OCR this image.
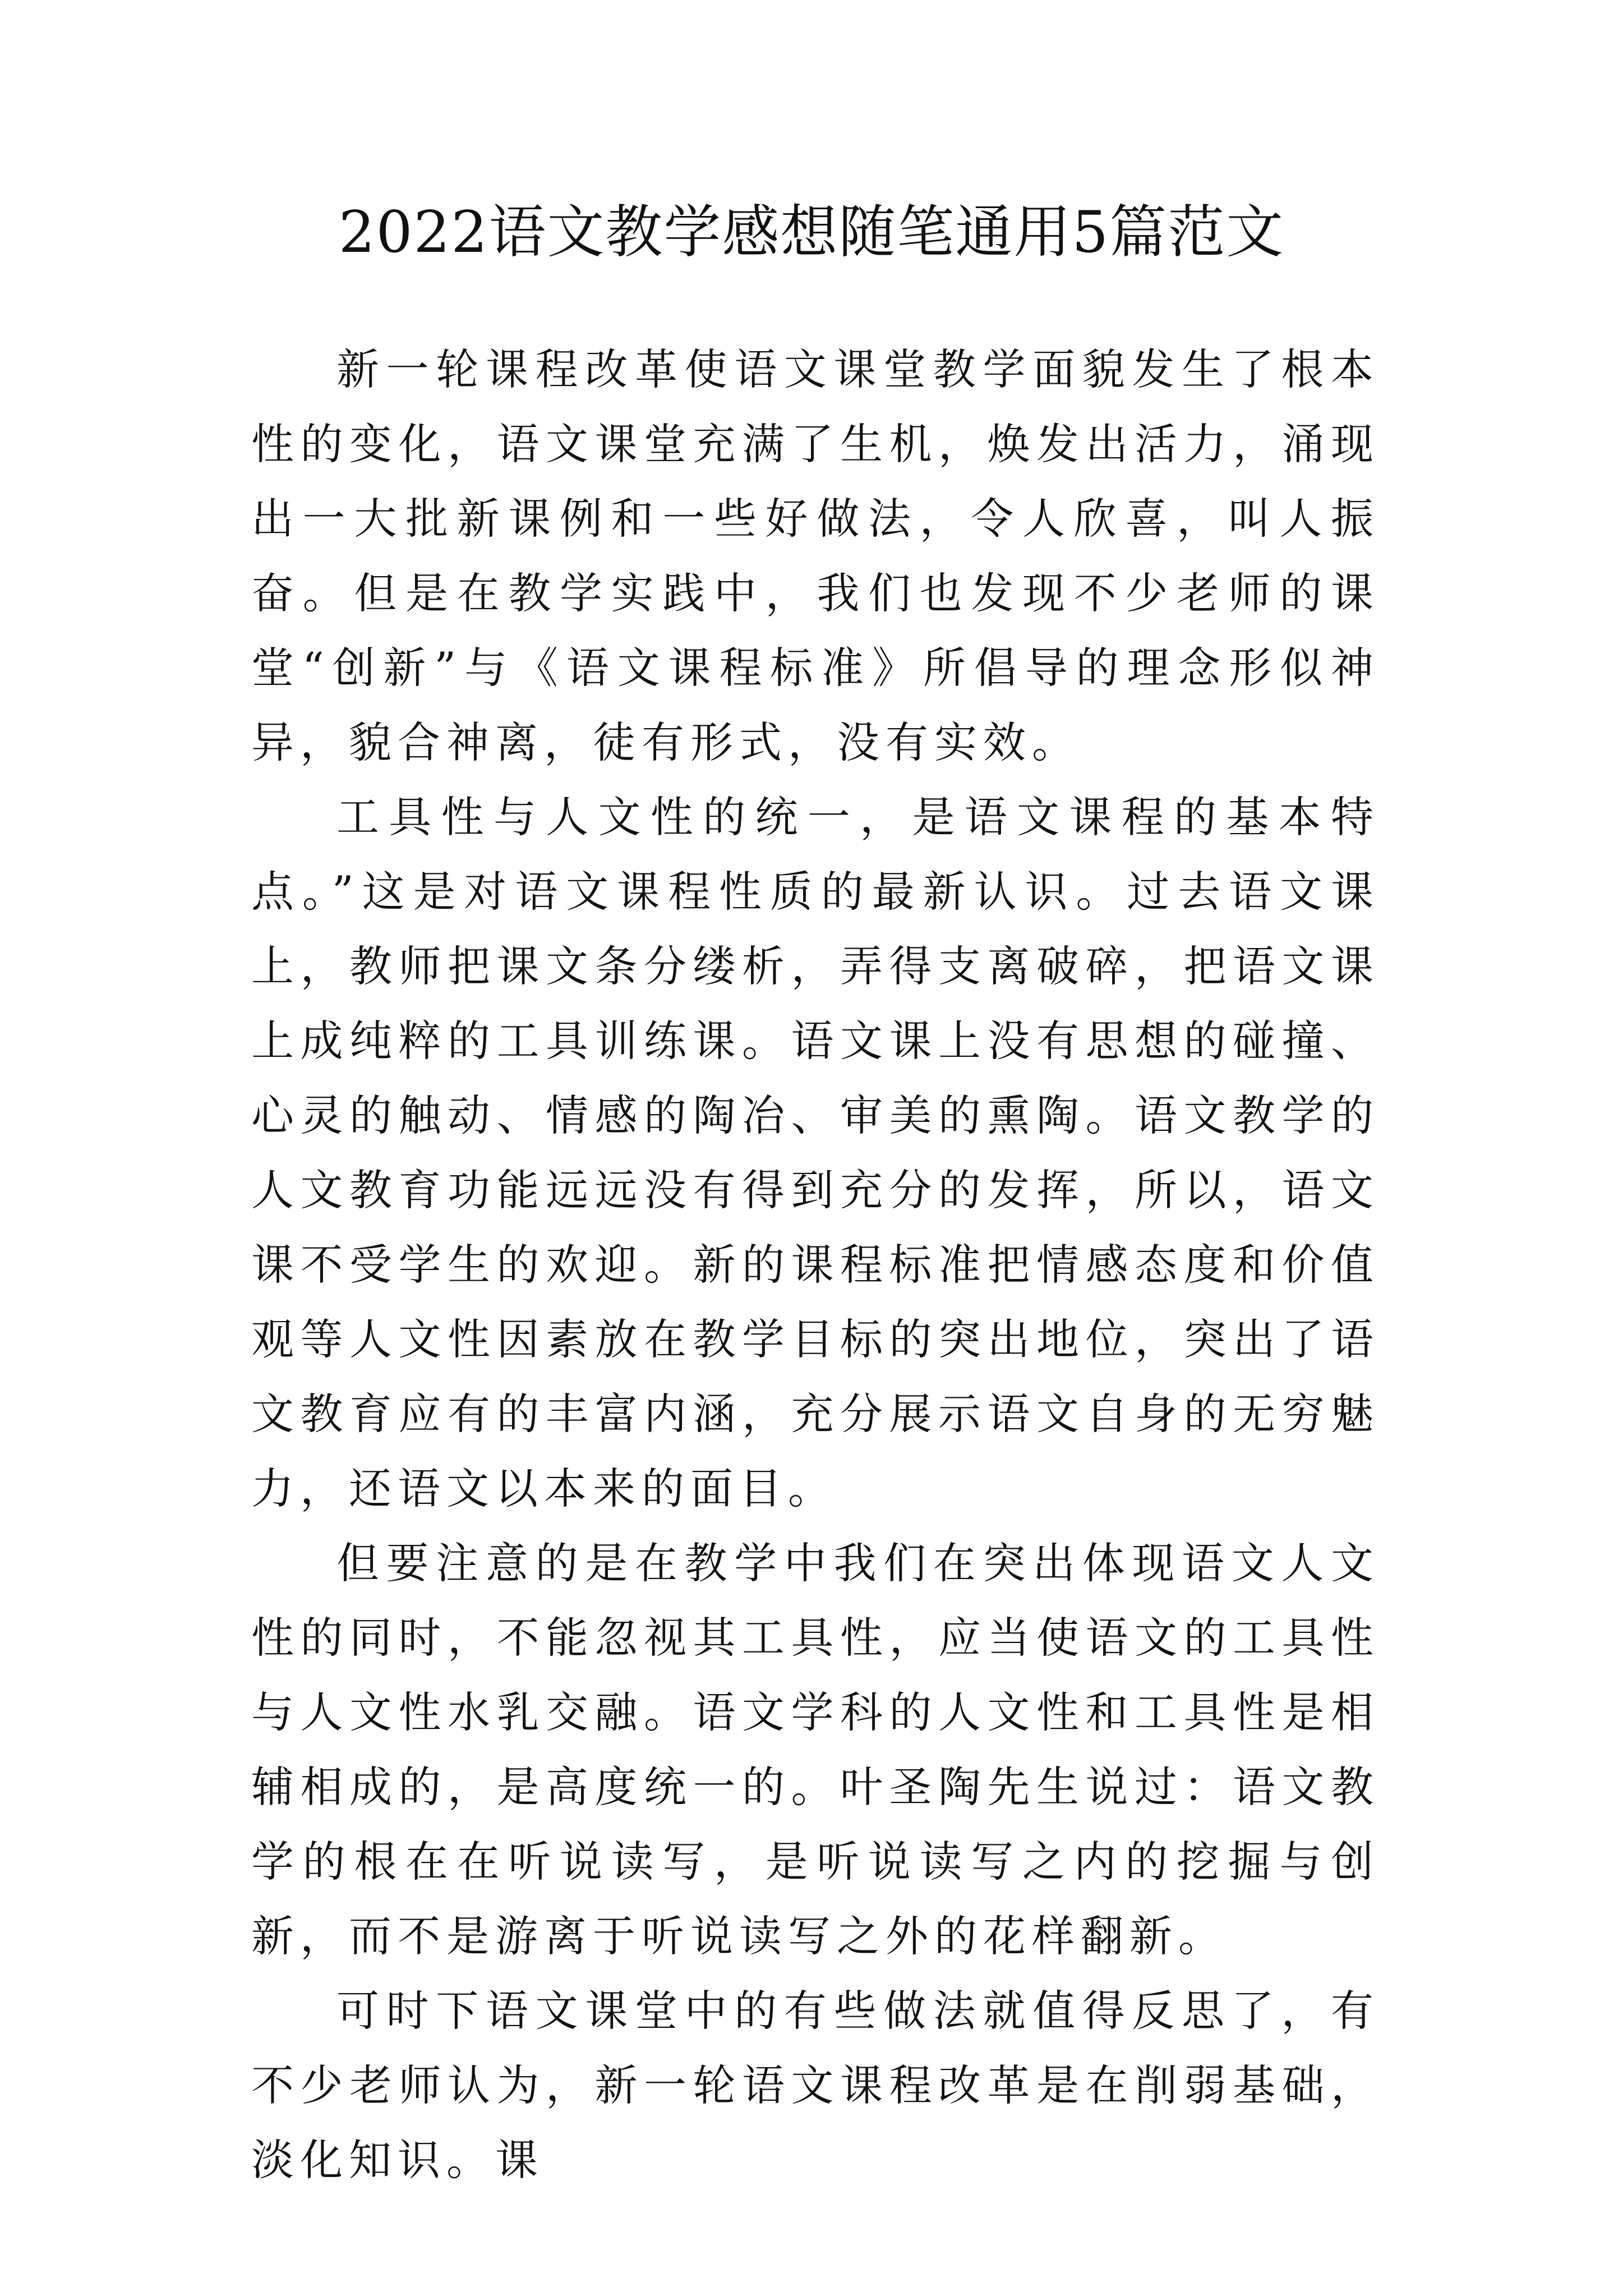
2022语文教学感想随笔通用5篇范文

新一轮课程改革使语文课堂教学面貌发生了根本性的变化，语文课堂充满了生机，焕发出活力，涌现出一大批新课例和一些好做法，令人欣喜，叫人振奋。但是在教学实践中，我们也发现不少老师的课堂“创新”与《语文课程标准》所倡导的理念形似神异，貌合神离，徒有形式，没有实效。

工具性与人文性的统一，是语文课程的基本特点。”这是对语文课程性质的最新认识。过去语文课上，教师把课文条分缕析，弄得支离破碎，把语文课上成纯粹的工具训练课。语文课上没有思想的碰撞、心灵的触动、情感的陶冶、审美的熏陶。语文教学的人文教育功能远远没有得到充分的发挥，所以，语文课不受学生的欢迎。新的课程标准把情感态度和价值观等人文性因素放在教学目标的突出地位，突出了语文教育应有的丰富内涵，充分展示语文自身的无穷魅力，还语文以本来的面目。

但要注意的是在教学中我们在突出体现语文人文性的同时，不能忽视其工具性，应当使语文的工具性与人文性水乳交融。语文学科的人文性和工具性是相辅相成的，是高度统一的。叶圣陶先生说过：语文教学的根在在听说读写，是听说读写之内的挖掘与创新，而不是游离于听说读写之外的花样翻新。

可时下语文课堂中的有些做法就值得反思了，有不少老师认为，新一轮语文课程改革是在削弱基础，淡化知识。课
